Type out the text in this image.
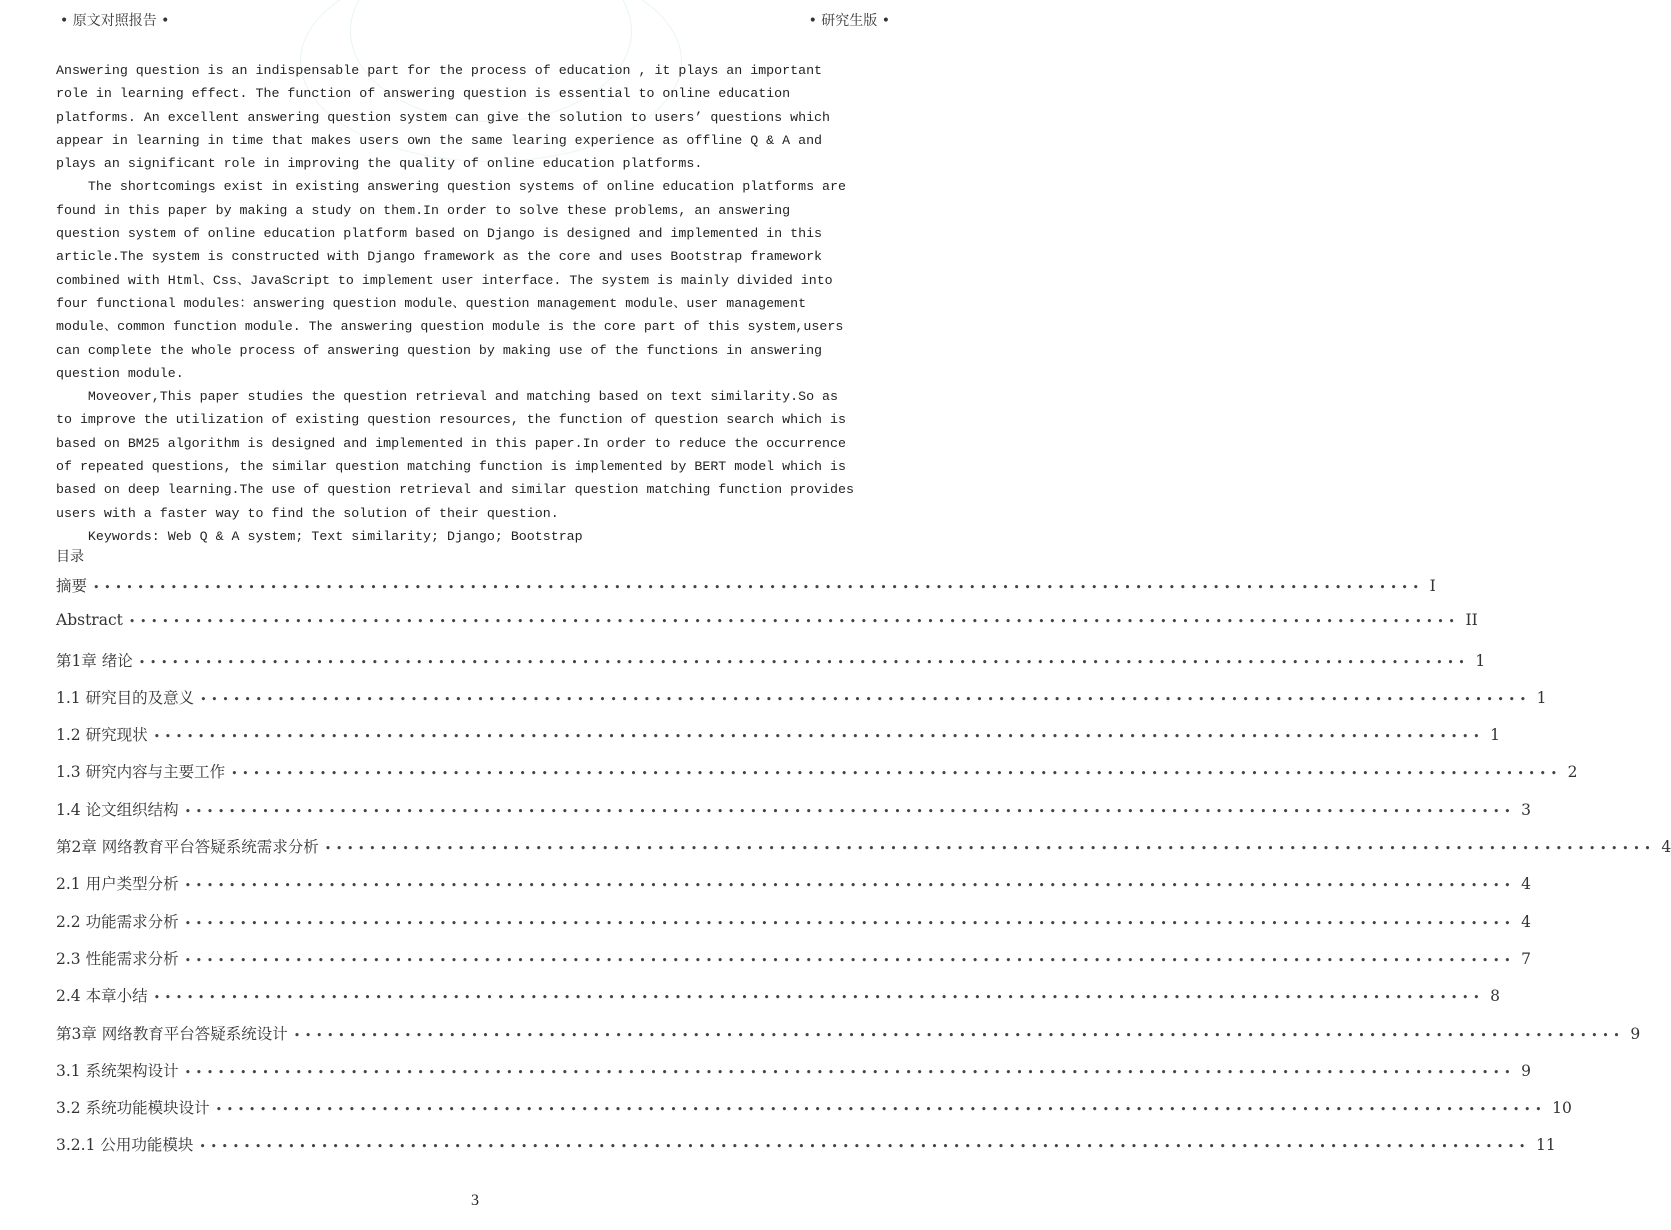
• 原文对照报告 •	• 研究生版 •
Answering question is an indispensable part for the process of education , it plays an important
role in learning effect. The function of answering question is essential to online education
platforms. An excellent answering question system can give the solution to users’ questions which
appear in learning in time that makes users own the same learing experience as offline Q & A and
plays an significant role in improving the quality of online education platforms.
The shortcomings exist in existing answering question systems of online education platforms are
found in this paper by making a study on them.In order to solve these problems, an answering
question system of online education platform based on Django is designed and implemented in this
article.The system is constructed with Django framework as the core and uses Bootstrap framework
combined with Html、Css、JavaScript to implement user interface. The system is mainly divided into
four functional modules：answering question module、question management module、user management
module、common function module. The answering question module is the core part of this system,users
can complete the whole process of answering question by making use of the functions in answering
question module.
Moveover,This paper studies the question retrieval and matching based on text similarity.So as
to improve the utilization of existing question resources, the function of question search which is
based on BM25 algorithm is designed and implemented in this paper.In order to reduce the occurrence
of repeated questions, the similar question matching function is implemented by BERT model which is
based on deep learning.The use of question retrieval and similar question matching function provides
users with a faster way to find the solution of their question.
Keywords: Web Q & A system; Text similarity; Django; Bootstrap
目录
摘要 •••••••••••••••••••••••••••••••••••••••••••••••••••••••••••••••••••••••••••••••••••••••••••••••••••••••••••••••••••••••• I
Abstract •••••••••••••••••••••••••••••••••••••••••••••••••••••••••••••••••••••••••••••••••••••••••••••••••••••••••••••••••••••••• II
第1章 绪论 •••••••••••••••••••••••••••••••••••••••••••••••••••••••••••••••••••••••••••••••••••••••••••••••••••••••••••••••••••••••• 1
1.1 研究目的及意义 •••••••••••••••••••••••••••••••••••••••••••••••••••••••••••••••••••••••••••••••••••••••••••••••••••••••••••••••••••••••• 1
1.2 研究现状 •••••••••••••••••••••••••••••••••••••••••••••••••••••••••••••••••••••••••••••••••••••••••••••••••••••••••••••••••••••••• 1
1.3 研究内容与主要工作 •••••••••••••••••••••••••••••••••••••••••••••••••••••••••••••••••••••••••••••••••••••••••••••••••••••••••••••••••••••••• 2
1.4 论文组织结构 •••••••••••••••••••••••••••••••••••••••••••••••••••••••••••••••••••••••••••••••••••••••••••••••••••••••••••••••••••••••• 3
第2章 网络教育平台答疑系统需求分析 •••••••••••••••••••••••••••••••••••••••••••••••••••••••••••••••••••••••••••••••••••••••••••••••••••••••••••••••••••••••• 4
2.1 用户类型分析 •••••••••••••••••••••••••••••••••••••••••••••••••••••••••••••••••••••••••••••••••••••••••••••••••••••••••••••••••••••••• 4
2.2 功能需求分析 •••••••••••••••••••••••••••••••••••••••••••••••••••••••••••••••••••••••••••••••••••••••••••••••••••••••••••••••••••••••• 4
2.3 性能需求分析 •••••••••••••••••••••••••••••••••••••••••••••••••••••••••••••••••••••••••••••••••••••••••••••••••••••••••••••••••••••••• 7
2.4 本章小结 •••••••••••••••••••••••••••••••••••••••••••••••••••••••••••••••••••••••••••••••••••••••••••••••••••••••••••••••••••••••• 8
第3章 网络教育平台答疑系统设计 •••••••••••••••••••••••••••••••••••••••••••••••••••••••••••••••••••••••••••••••••••••••••••••••••••••••••••••••••••••••• 9
3.1 系统架构设计 •••••••••••••••••••••••••••••••••••••••••••••••••••••••••••••••••••••••••••••••••••••••••••••••••••••••••••••••••••••••• 9
3.2 系统功能模块设计 •••••••••••••••••••••••••••••••••••••••••••••••••••••••••••••••••••••••••••••••••••••••••••••••••••••••••••••••••••••••• 10
3.2.1 公用功能模块 •••••••••••••••••••••••••••••••••••••••••••••••••••••••••••••••••••••••••••••••••••••••••••••••••••••••••••••••••••••••• 11
3
